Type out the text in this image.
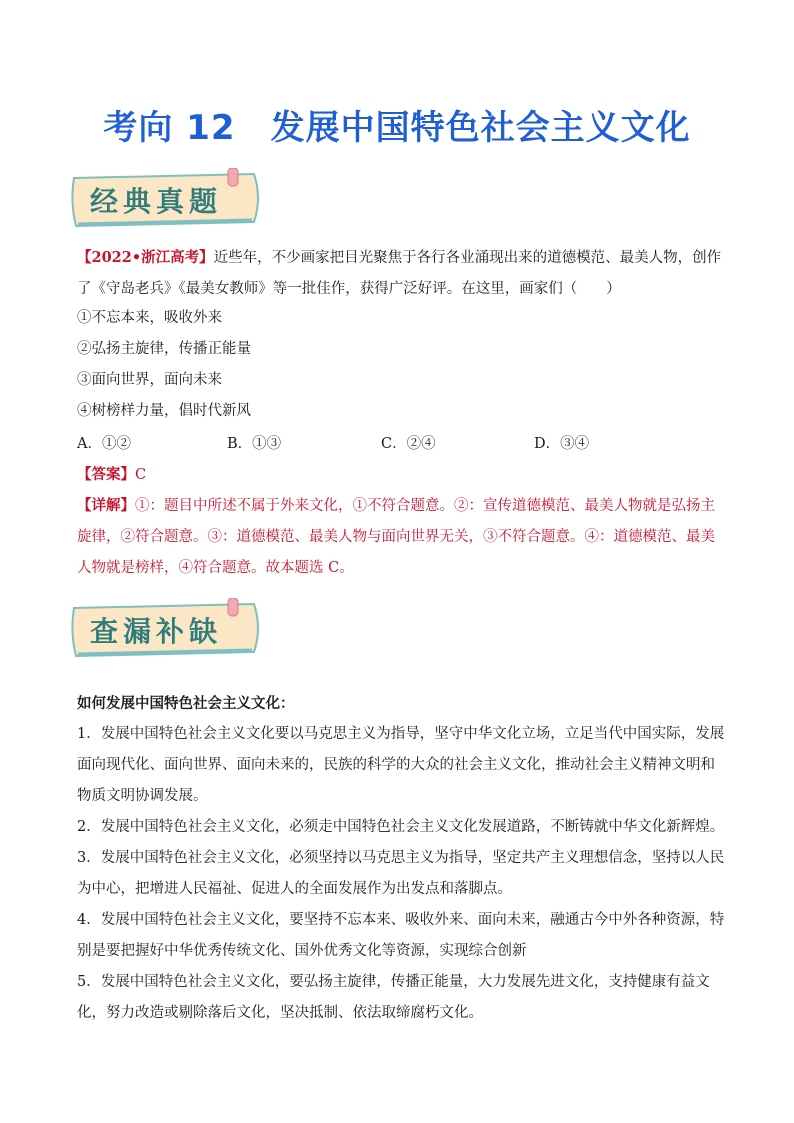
考向 12　发展中国特色社会主义文化
经典真题

【2022•浙江高考】近些年，不少画家把目光聚焦于各行各业涌现出来的道德模范、最美人物，创作了《守岛老兵》《最美女教师》等一批佳作，获得广泛好评。在这里，画家们（　　）

①不忘本来，吸收外来

②弘扬主旋律，传播正能量

③面向世界，面向未来

④树榜样力量，倡时代新风

A．①②	B．①③	C．②④	D．③④

【答案】C

【详解】①：题目中所述不属于外来文化，①不符合题意。②：宣传道德模范、最美人物就是弘扬主旋律，②符合题意。③：道德模范、最美人物与面向世界无关，③不符合题意。④：道德模范、最美人物就是榜样，④符合题意。故本题选 C。

查漏补缺

如何发展中国特色社会主义文化：

1．发展中国特色社会主义文化要以马克思主义为指导，坚守中华文化立场，立足当代中国实际，发展面向现代化、面向世界、面向未来的，民族的科学的大众的社会主义文化，推动社会主义精神文明和物质文明协调发展。

2．发展中国特色社会主义文化，必须走中国特色社会主义文化发展道路，不断铸就中华文化新辉煌。

3．发展中国特色社会主义文化，必须坚持以马克思主义为指导，坚定共产主义理想信念，坚持以人民为中心，把增进人民福祉、促进人的全面发展作为出发点和落脚点。

4．发展中国特色社会主义文化，要坚持不忘本来、吸收外来、面向未来，融通古今中外各种资源，特别是要把握好中华优秀传统文化、国外优秀文化等资源，实现综合创新

5．发展中国特色社会主义文化，要弘扬主旋律，传播正能量，大力发展先进文化，支持健康有益文化，努力改造或剔除落后文化，坚决抵制、依法取缔腐朽文化。
